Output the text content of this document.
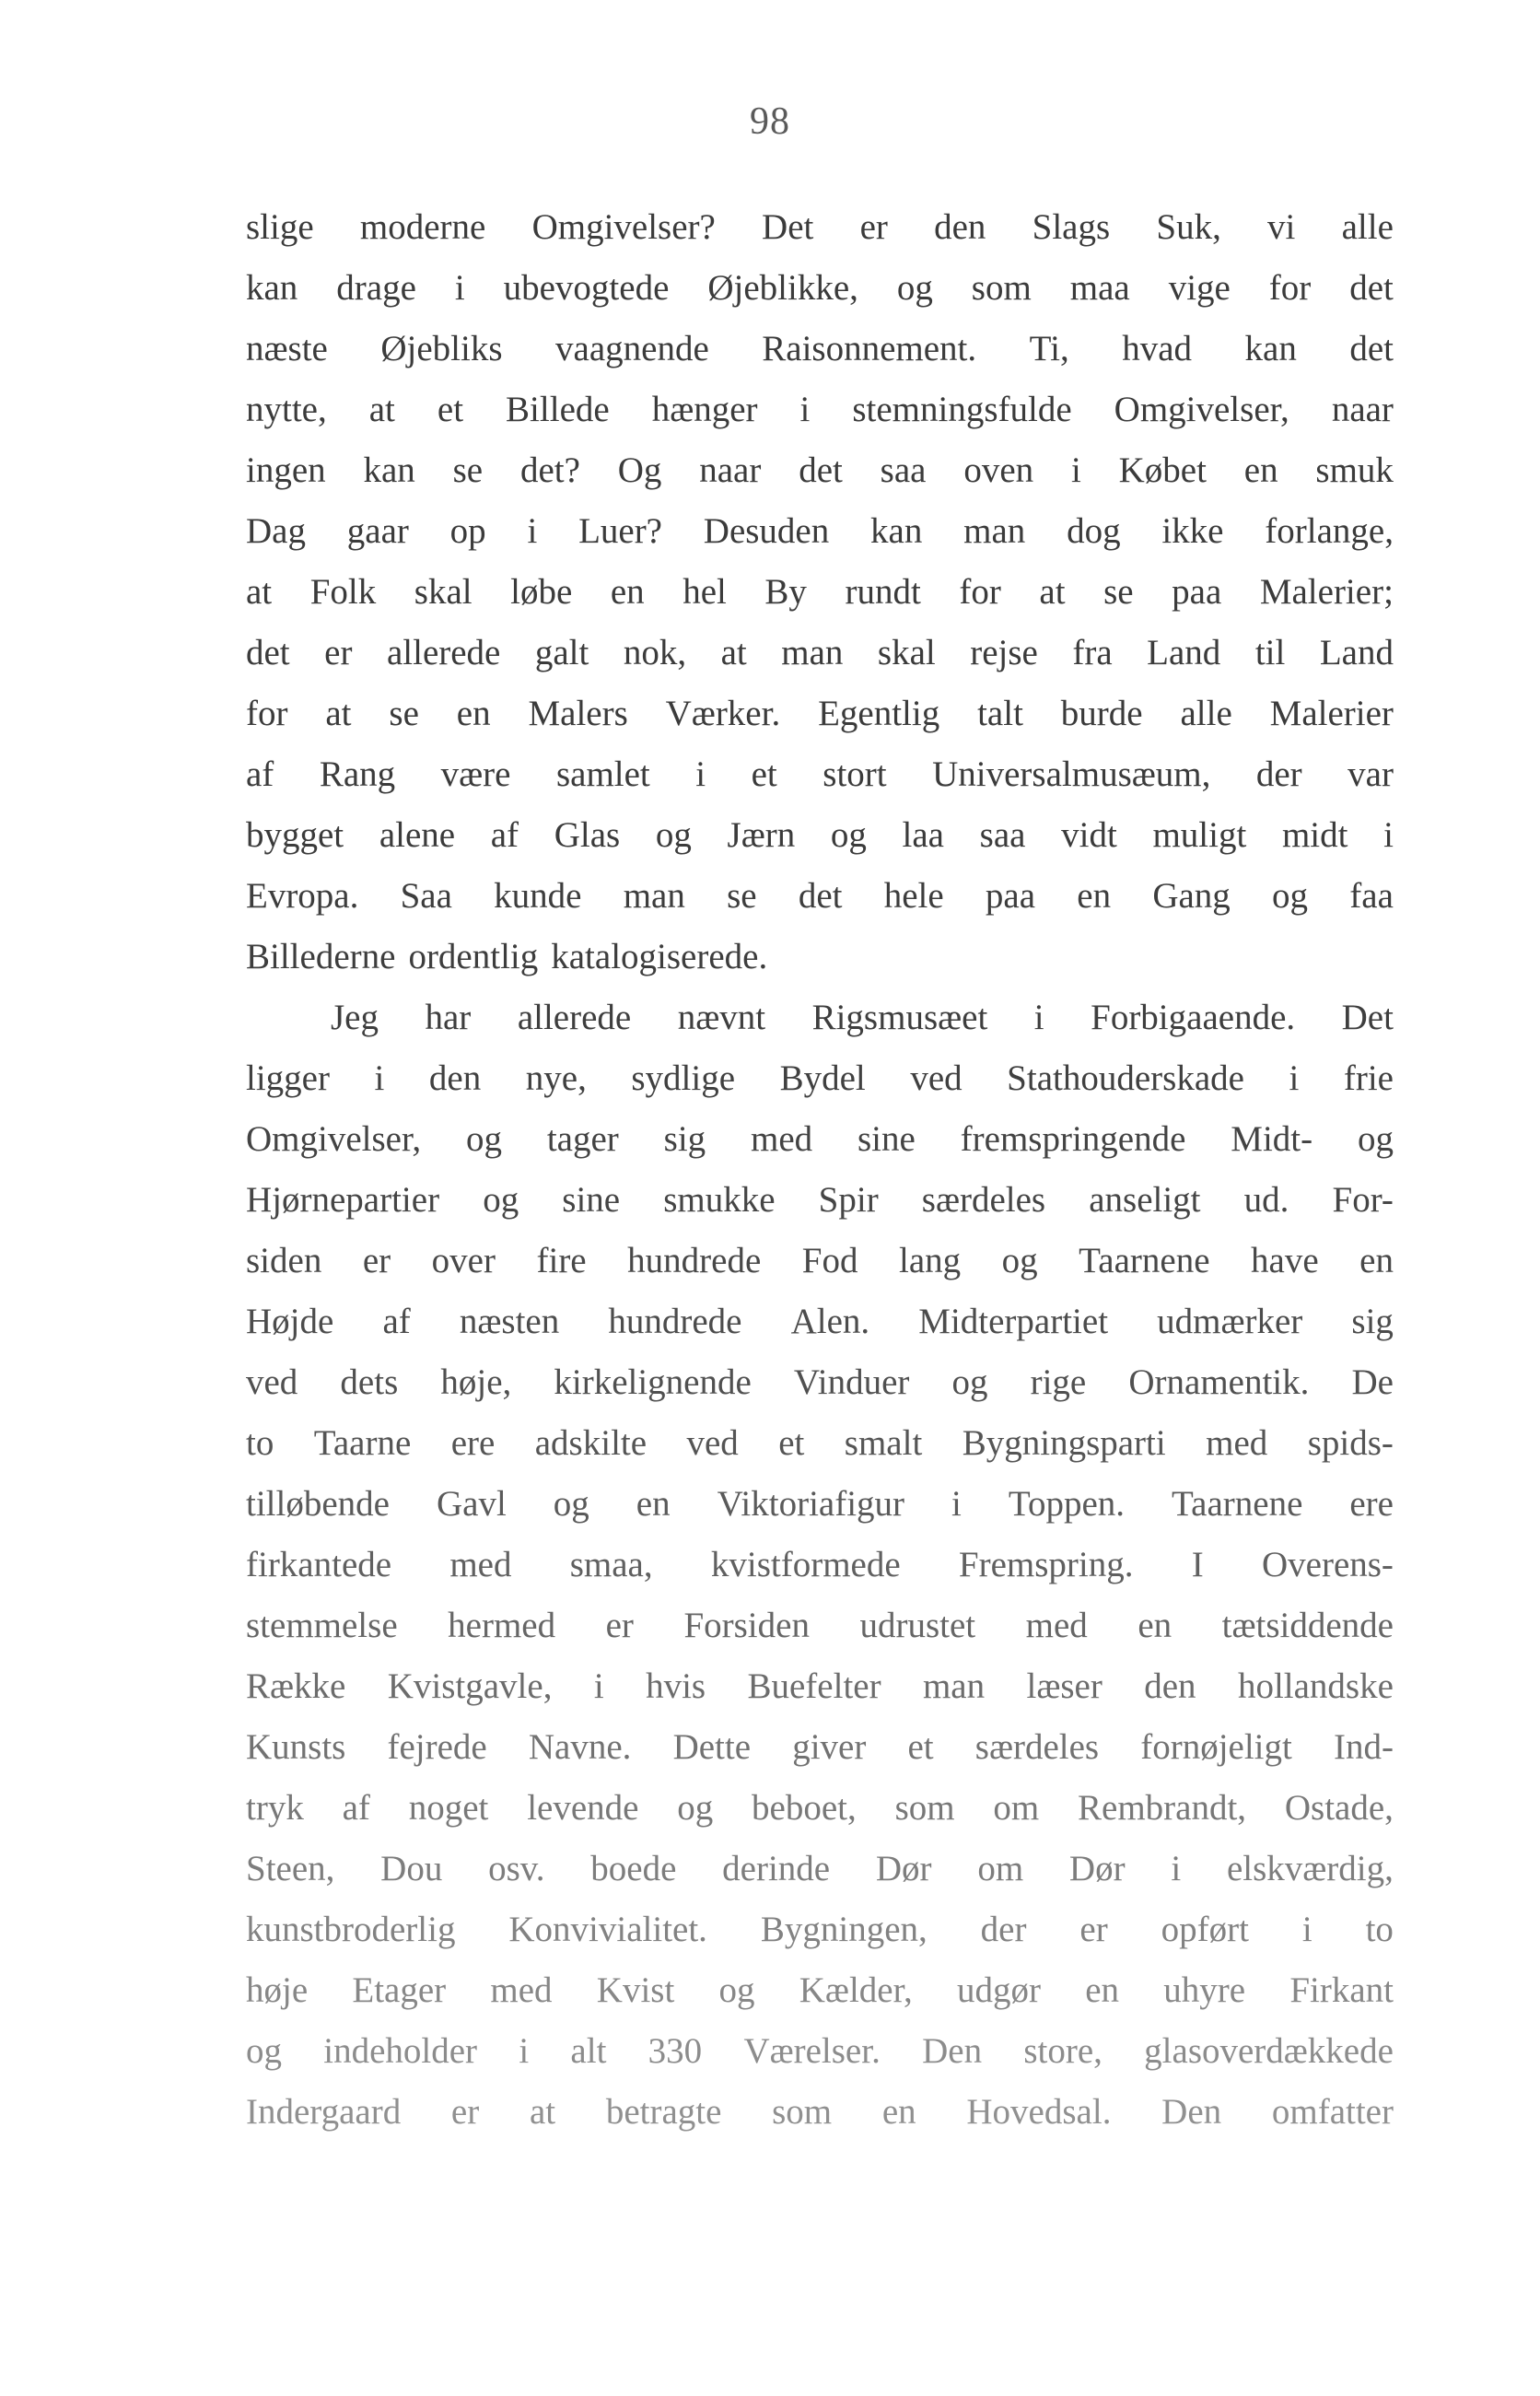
98
slige moderne Omgivelser? Det er den Slags Suk, vi alle
kan drage i ubevogtede Øjeblikke, og som maa vige for det
næste Øjebliks vaagnende Raisonnement. Ti, hvad kan det
nytte, at et Billede hænger i stemningsfulde Omgivelser, naar
ingen kan se det? Og naar det saa oven i Købet en smuk
Dag gaar op i Luer? Desuden kan man dog ikke forlange,
at Folk skal løbe en hel By rundt for at se paa Malerier;
det er allerede galt nok, at man skal rejse fra Land til Land
for at se en Malers Værker. Egentlig talt burde alle Malerier
af Rang være samlet i et stort Universalmusæum, der var
bygget alene af Glas og Jærn og laa saa vidt muligt midt i
Evropa. Saa kunde man se det hele paa en Gang og faa
Billederne ordentlig katalogiserede.
Jeg har allerede nævnt Rigsmusæet i Forbigaaende. Det
ligger i den nye, sydlige Bydel ved Stathouderskade i frie
Omgivelser, og tager sig med sine fremspringende Midt- og
Hjørnepartier og sine smukke Spir særdeles anseligt ud. For-
siden er over fire hundrede Fod lang og Taarnene have en
Højde af næsten hundrede Alen. Midterpartiet udmærker sig
ved dets høje, kirkelignende Vinduer og rige Ornamentik. De
to Taarne ere adskilte ved et smalt Bygningsparti med spids-
tilløbende Gavl og en Viktoriafigur i Toppen. Taarnene ere
firkantede med smaa, kvistformede Fremspring. I Overens-
stemmelse hermed er Forsiden udrustet med en tætsiddende
Række Kvistgavle, i hvis Buefelter man læser den hollandske
Kunsts fejrede Navne. Dette giver et særdeles fornøjeligt Ind-
tryk af noget levende og beboet, som om Rembrandt, Ostade,
Steen, Dou osv. boede derinde Dør om Dør i elskværdig,
kunstbroderlig Konvivialitet. Bygningen, der er opført i to
høje Etager med Kvist og Kælder, udgør en uhyre Firkant
og indeholder i alt 330 Værelser. Den store, glasoverdækkede
Indergaard er at betragte som en Hovedsal. Den omfatter
